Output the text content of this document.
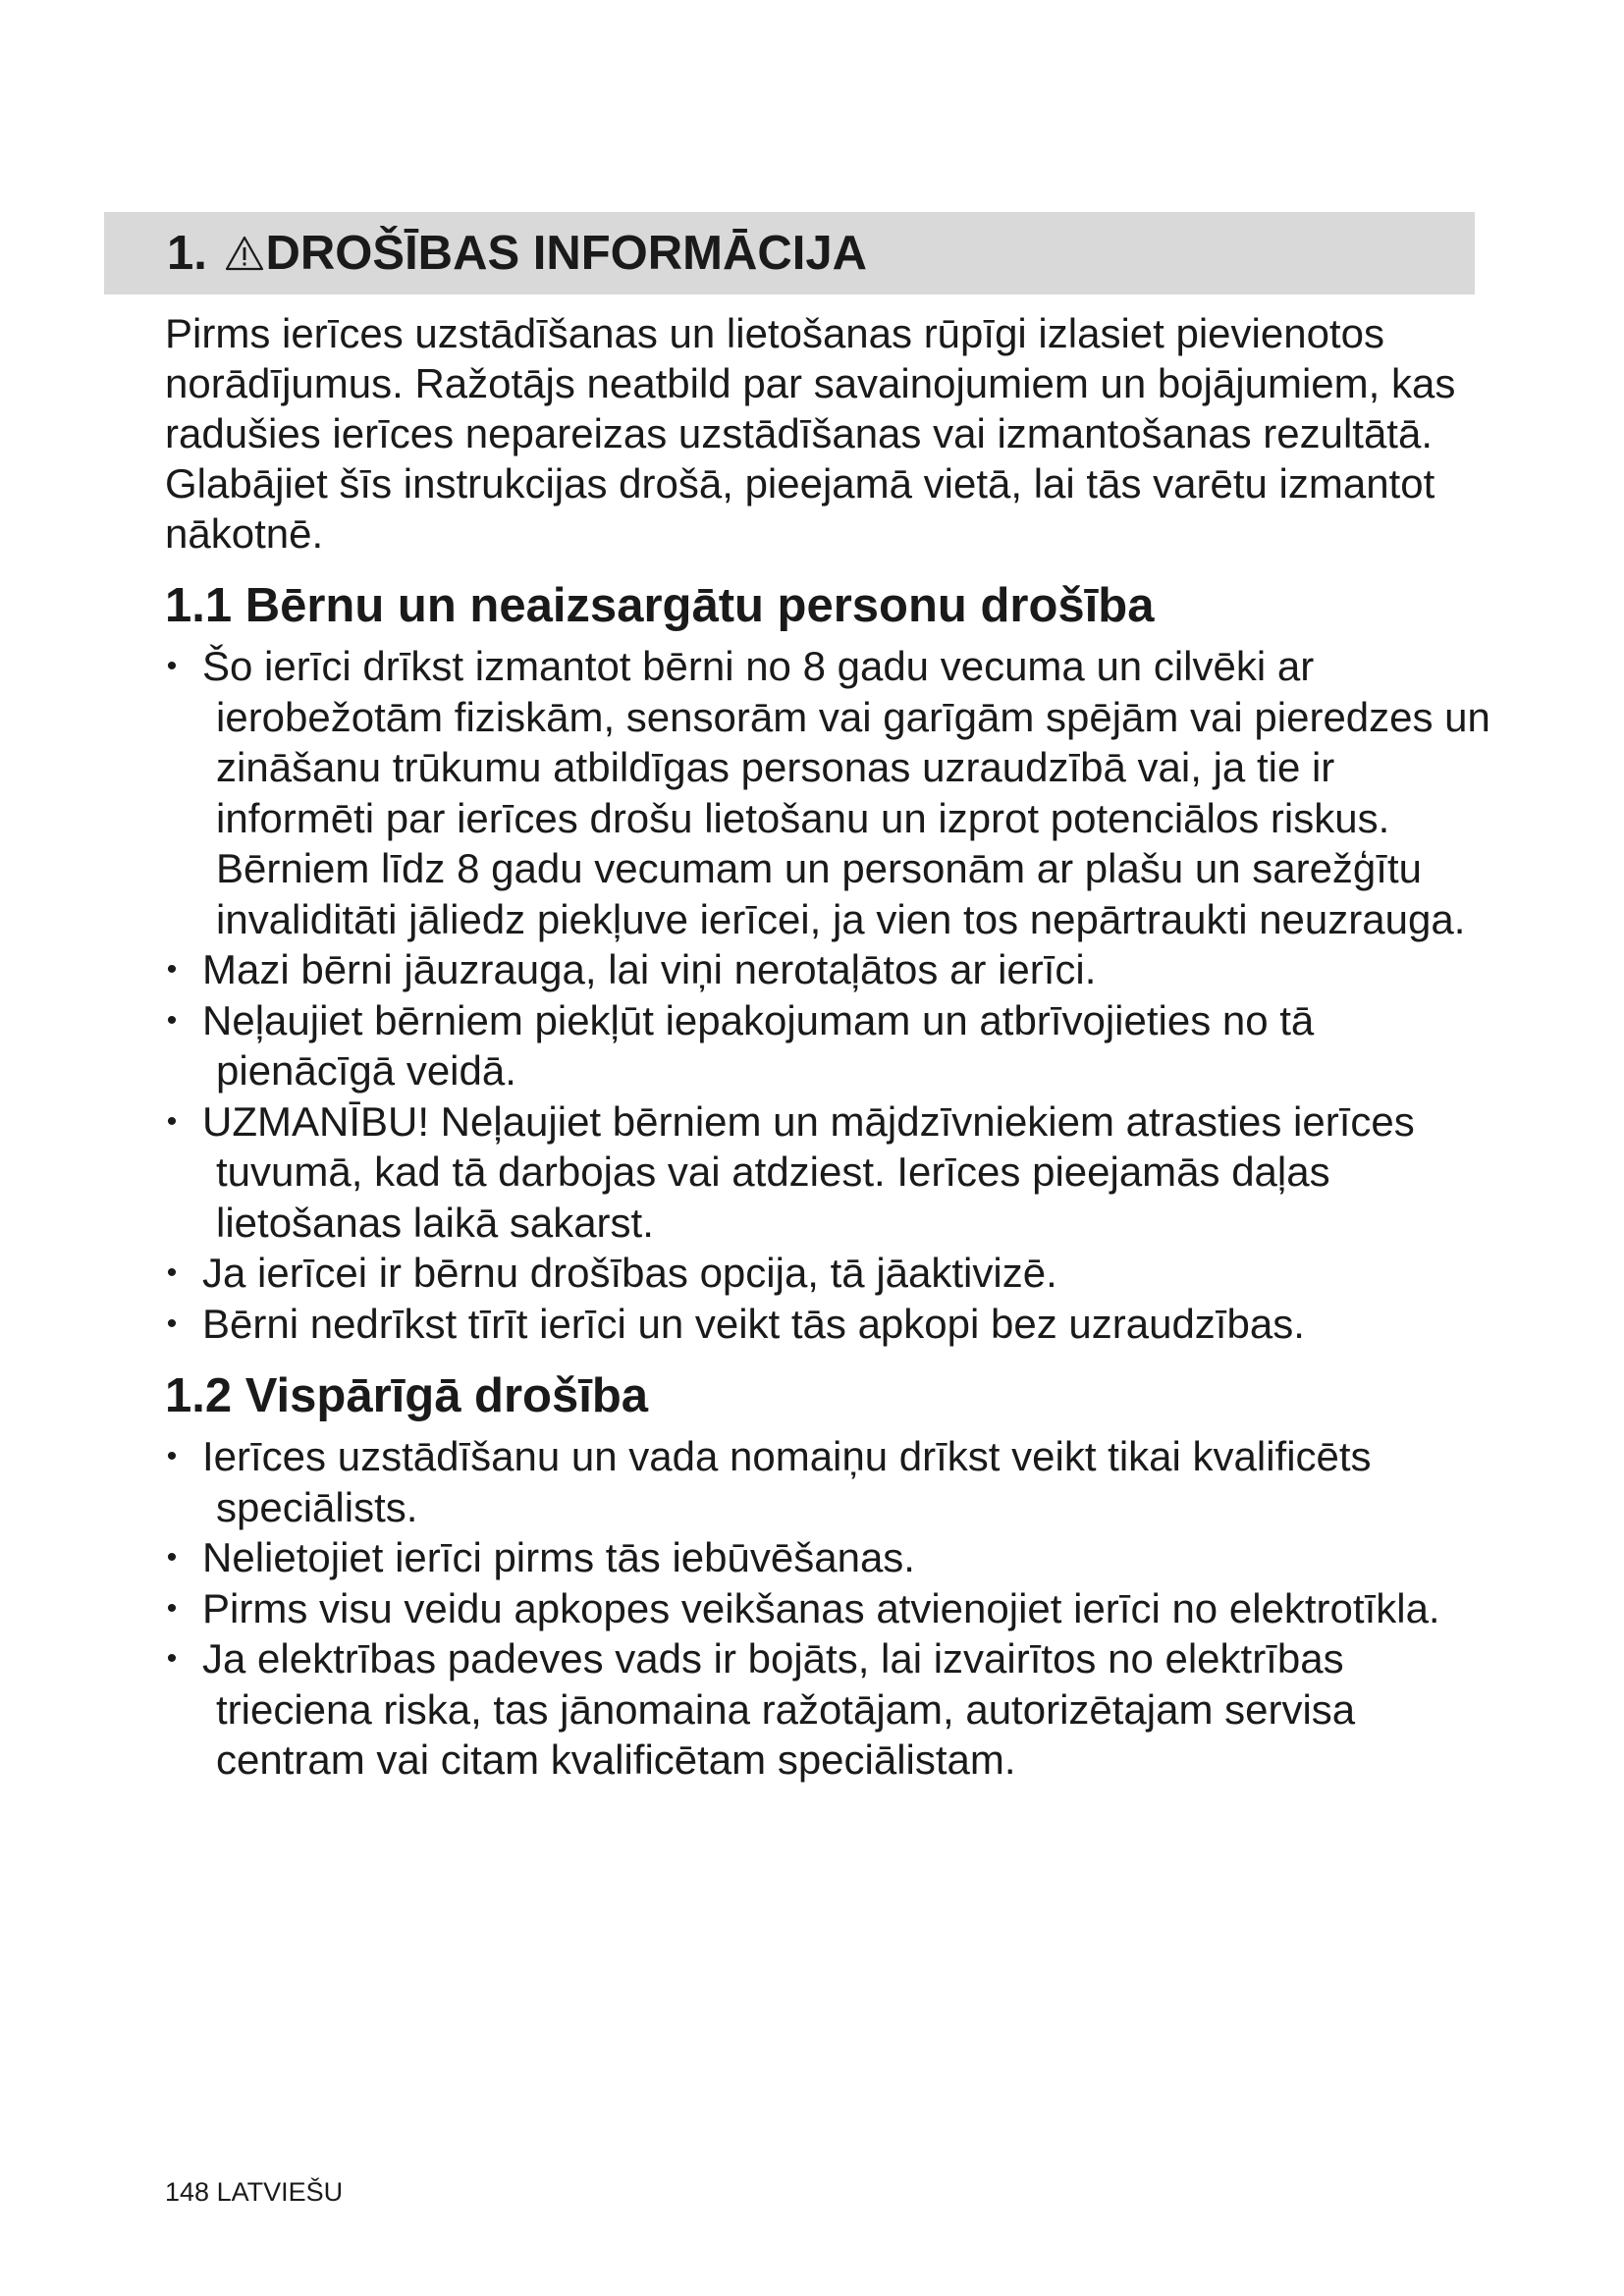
1. DROŠĪBAS INFORMĀCIJA

Pirms ierīces uzstādīšanas un lietošanas rūpīgi izlasiet pievienotos norādījumus. Ražotājs neatbild par savainojumiem un bojājumiem, kas radušies ierīces nepareizas uzstādīšanas vai izmantošanas rezultātā. Glabājiet šīs instrukcijas drošā, pieejamā vietā, lai tās varētu izmantot nākotnē.

1.1 Bērnu un neaizsargātu personu drošība
• Šo ierīci drīkst izmantot bērni no 8 gadu vecuma un cilvēki ar ierobežotām fiziskām, sensorām vai garīgām spējām vai pieredzes un zināšanu trūkumu atbildīgas personas uzraudzībā vai, ja tie ir informēti par ierīces drošu lietošanu un izprot potenciālos riskus. Bērniem līdz 8 gadu vecumam un personām ar plašu un sarežģītu invaliditāti jāliedz piekļuve ierīcei, ja vien tos nepārtraukti neuzrauga.
• Mazi bērni jāuzrauga, lai viņi nerotaļātos ar ierīci.
• Neļaujiet bērniem piekļūt iepakojumam un atbrīvojieties no tā pienācīgā veidā.
• UZMANĪBU! Neļaujiet bērniem un mājdzīvniekiem atrasties ierīces tuvumā, kad tā darbojas vai atdziest. Ierīces pieejamās daļas lietošanas laikā sakarst.
• Ja ierīcei ir bērnu drošības opcija, tā jāaktivizē.
• Bērni nedrīkst tīrīt ierīci un veikt tās apkopi bez uzraudzības.
1.2 Vispārīgā drošība
• Ierīces uzstādīšanu un vada nomaiņu drīkst veikt tikai kvalificēts speciālists.
• Nelietojiet ierīci pirms tās iebūvēšanas.
• Pirms visu veidu apkopes veikšanas atvienojiet ierīci no elektrotīkla.
• Ja elektrības padeves vads ir bojāts, lai izvairītos no elektrības trieciena riska, tas jānomaina ražotājam, autorizētajam servisa centram vai citam kvalificētam speciālistam.
148 LATVIEŠU
